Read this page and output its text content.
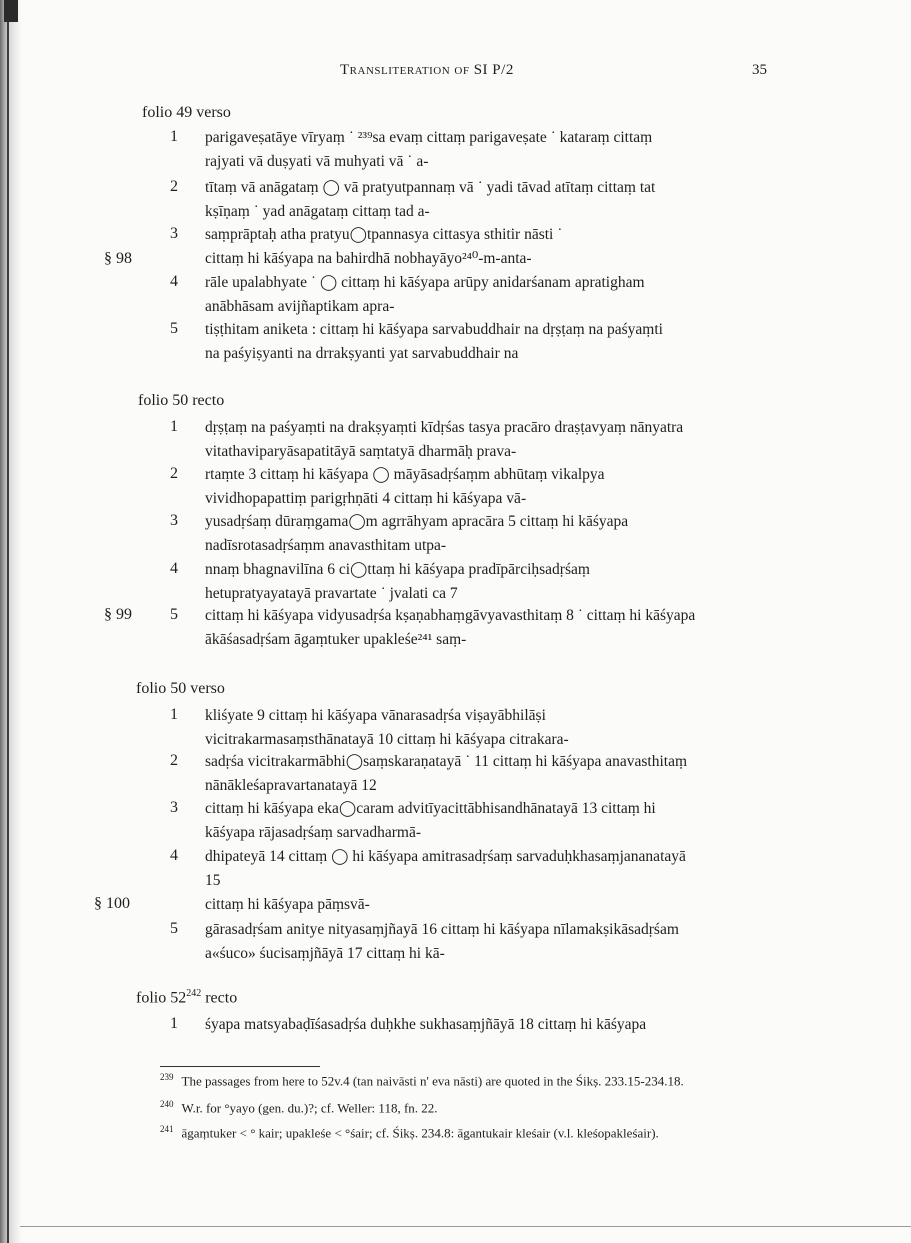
Transliteration of SI P/2	35
folio 49 verso
1 parigaveṣatāye vīryaṃ ˙ ²³⁹sa evaṃ cittaṃ parigaveṣate ˙ kataraṃ cittaṃ
rajyati vā duṣyati vā muhyati vā ˙ a-
2 tītaṃ vā anāgataṃ ◯ vā pratyutpannaṃ vā ˙ yadi tāvad atītaṃ cittaṃ tat
kṣīṇaṃ ˙ yad anāgataṃ cittaṃ tad a-
3 saṃprāptaḥ atha pratyu◯tpannasya cittasya sthitir nāsti ˙
§ 98	cittaṃ hi kāśyapa na bahirdhā nobhayāyo²⁴⁰-m-anta-
4 rāle upalabhyate ˙ ◯ cittaṃ hi kāśyapa arūpy anidarśanam apratigham
anābhāsam avijñaptikam apra-
5 tiṣṭhitam aniketa : cittaṃ hi kāśyapa sarvabuddhair na dṛṣṭaṃ na paśyaṃti
na paśyiṣyanti na drrakṣyanti yat sarvabuddhair na
folio 50 recto
1 dṛṣṭaṃ na paśyaṃti na drakṣyaṃti kīdṛśas tasya pracāro draṣṭavyaṃ nānyatra
vitathaviparyāsapatitāyā saṃtatyā dharmāḥ prava-
2 rtaṃte 3 cittaṃ hi kāśyapa ◯ māyāsadṛśaṃm abhūtaṃ vikalpya
vividhopapattiṃ parigṛhṇāti 4 cittaṃ hi kāśyapa vā-
3 yusadṛśaṃ dūraṃgama◯m agrrāhyam apracāra 5 cittaṃ hi kāśyapa
nadīsrotasadṛśaṃm anavasthitam utpa-
4 nnaṃ bhagnavilīna 6 ci◯ttaṃ hi kāśyapa pradīpārciḥsadṛśaṃ
hetupratyayatayā pravartate ˙ jvalati ca 7
§ 99 5 cittaṃ hi kāśyapa vidyusadṛśa kṣaṇabhaṃgāvyavasthitaṃ 8 ˙ cittaṃ hi kāśyapa
ākāśasadṛśam āgaṃtuker upakleśe²⁴¹ saṃ-
folio 50 verso
1 kliśyate 9 cittaṃ hi kāśyapa vānarasadṛśa viṣayābhilāṣi
vicitrakarmasaṃsthānatayā 10 cittaṃ hi kāśyapa citrakara-
2 sadṛśa vicitrakarmābhi◯saṃskaraṇatayā ˙ 11 cittaṃ hi kāśyapa anavasthitaṃ
nānākleśapravartanatayā 12
3 cittaṃ hi kāśyapa eka◯caram advitīyacittābhisandhānatayā 13 cittaṃ hi
kāśyapa rājasadṛśaṃ sarvadharmā-
4 dhipateyā 14 cittaṃ ◯ hi kāśyapa amitrasadṛśaṃ sarvaduḥkhasaṃjananatayā
15
§ 100	cittaṃ hi kāśyapa pāṃsvā-
5 gārasadṛśam anitye nityasaṃjñayā 16 cittaṃ hi kāśyapa nīlamakṣikāsadṛśam
a«śuco» śucisaṃjñāyā 17 cittaṃ hi kā-
folio $52^{242}$ recto
1 śyapa matsyabaḍīśasadṛśa duḥkhe sukhasaṃjñāyā 18 cittaṃ hi kāśyapa
$^{239}$ The passages from here to 52v.4 (tan naivāsti n' eva nāsti) are quoted in the Śikṣ. 233.15-234.18.
$^{240}$ W.r. for °yayo (gen. du.)?; cf. Weller: 118, fn. 22.
$^{241}$ āgaṃtuker < ° kair; upakleśe < °śair; cf. Śikṣ. 234.8: āgantukair kleśair (v.l. kleśopakleśair).
